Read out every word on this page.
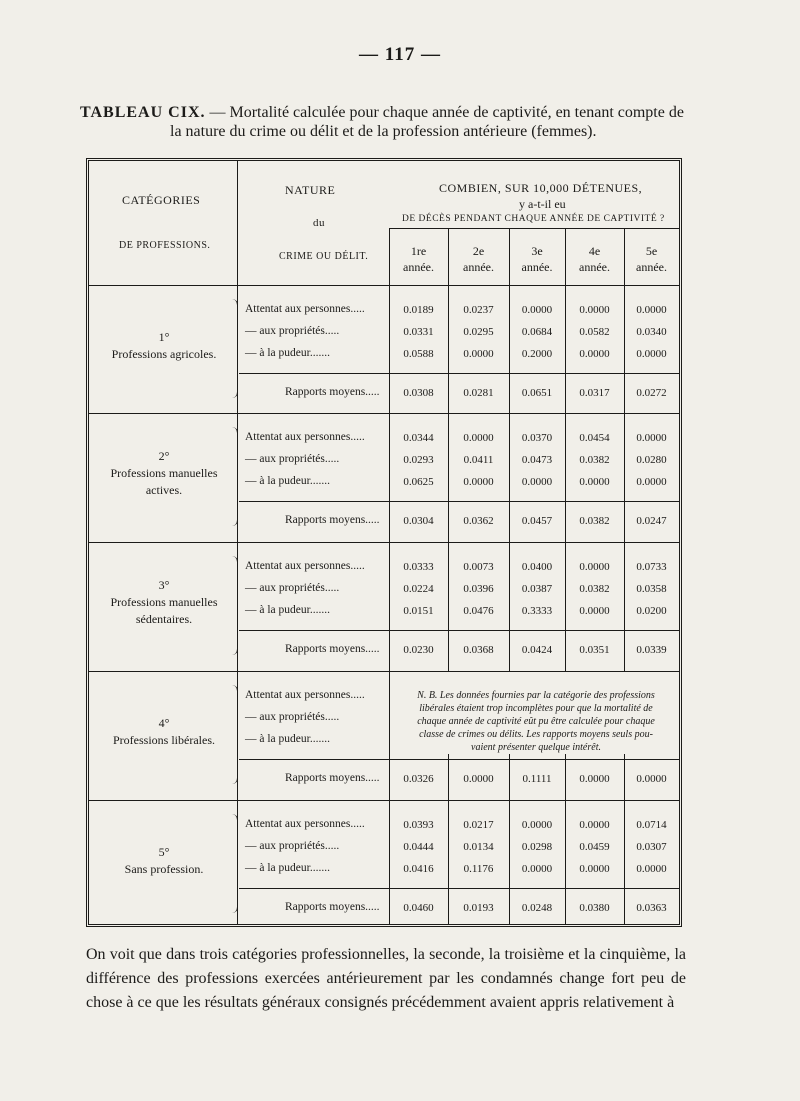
— 117 —
TABLEAU CIX. — Mortalité calculée pour chaque année de captivité, en tenant compte de
la nature du crime ou délit et de la profession antérieure (femmes).
CATÉGORIES
DE PROFESSIONS.
NATURE
du
CRIME OU DÉLIT.
COMBIEN, SUR 10,000 DÉTENUES,
y a-t-il eu
DE DÉCÈS PENDANT CHAQUE ANNÉE DE CAPTIVITÉ ?
1re
année.
2e
année.
3e
année.
4e
année.
5e
année.
1°
Professions agricoles.
Attentat aux personnes.....	0.0189	0.0237	0.0000	0.0000	0.0000
— aux propriétés.....	0.0331	0.0295	0.0684	0.0582	0.0340
— à la pudeur.......	0.0588	0.0000	0.2000	0.0000	0.0000
Rapports moyens.....	0.0308	0.0281	0.0651	0.0317	0.0272
2°
Professions manuelles
actives.
Attentat aux personnes.....	0.0344	0.0000	0.0370	0.0454	0.0000
— aux propriétés.....	0.0293	0.0411	0.0473	0.0382	0.0280
— à la pudeur.......	0.0625	0.0000	0.0000	0.0000	0.0000
Rapports moyens.....	0.0304	0.0362	0.0457	0.0382	0.0247
3°
Professions manuelles
sédentaires.
Attentat aux personnes.....	0.0333	0.0073	0.0400	0.0000	0.0733
— aux propriétés.....	0.0224	0.0396	0.0387	0.0382	0.0358
— à la pudeur.......	0.0151	0.0476	0.3333	0.0000	0.0200
Rapports moyens.....	0.0230	0.0368	0.0424	0.0351	0.0339
4°
Professions libérales.
Attentat aux personnes.....
— aux propriétés.....
— à la pudeur.......
N. B. Les données fournies par la catégorie des professions
libérales étaient trop incomplètes pour que la mortalité de
chaque année de captivité eût pu être calculée pour chaque
classe de crimes ou délits. Les rapports moyens seuls pou-
vaient présenter quelque intérêt.
Rapports moyens.....	0.0326	0.0000	0.1111	0.0000	0.0000
5°
Sans profession.
Attentat aux personnes.....	0.0393	0.0217	0.0000	0.0000	0.0714
— aux propriétés.....	0.0444	0.0134	0.0298	0.0459	0.0307
— à la pudeur.......	0.0416	0.1176	0.0000	0.0000	0.0000
Rapports moyens.....	0.0460	0.0193	0.0248	0.0380	0.0363
On voit que dans trois catégories professionnelles, la seconde, la troisième et la cinquième, la différence des professions exercées antérieurement par les condamnés change fort peu de chose à ce que les résultats généraux consignés précédemment avaient appris relativement à
